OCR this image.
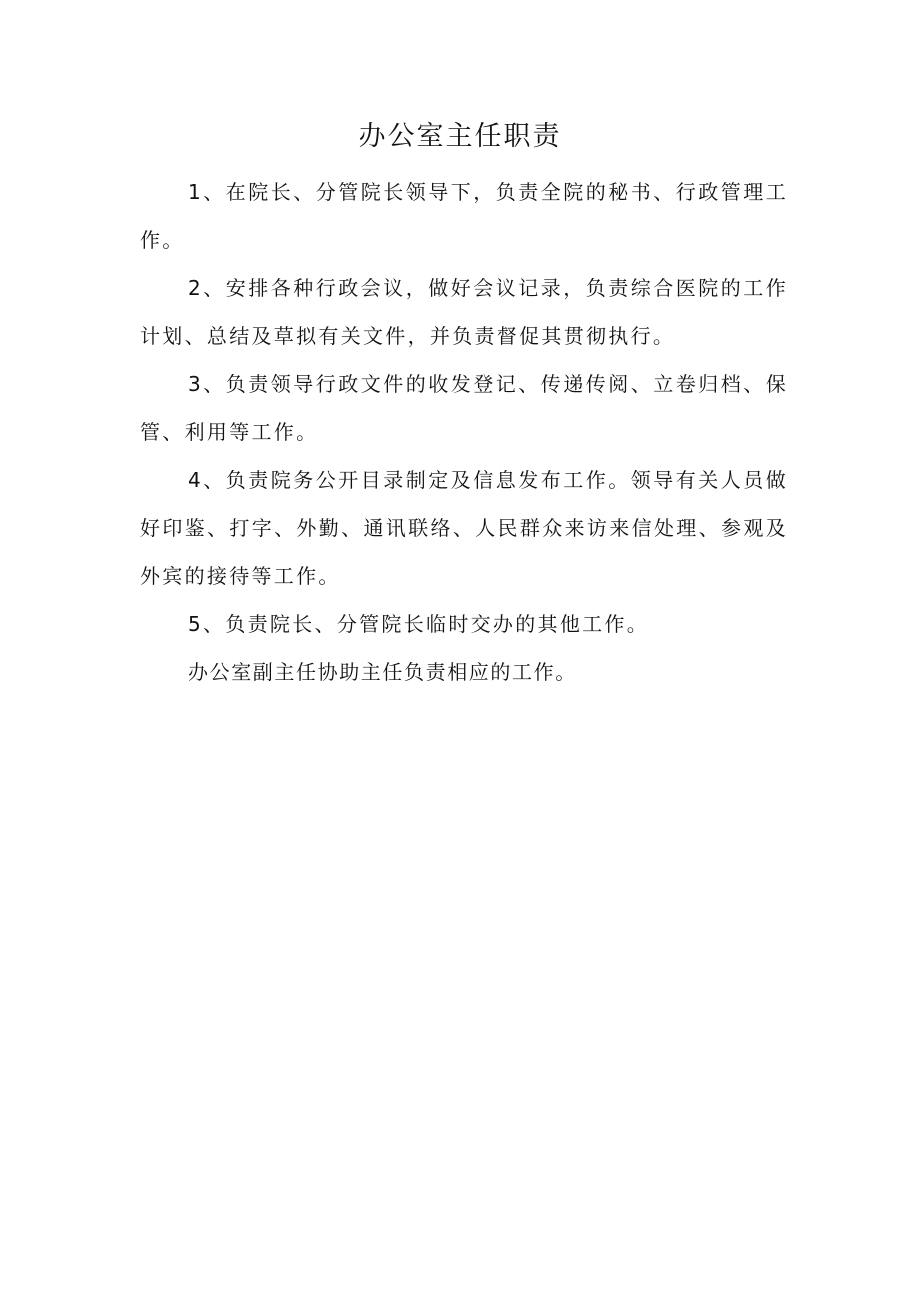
办公室主任职责

1、在院长、分管院长领导下，负责全院的秘书、行政管理工作。

2、安排各种行政会议，做好会议记录，负责综合医院的工作计划、总结及草拟有关文件，并负责督促其贯彻执行。

3、负责领导行政文件的收发登记、传递传阅、立卷归档、保管、利用等工作。

4、负责院务公开目录制定及信息发布工作。领导有关人员做好印鉴、打字、外勤、通讯联络、人民群众来访来信处理、参观及外宾的接待等工作。

5、负责院长、分管院长临时交办的其他工作。

办公室副主任协助主任负责相应的工作。
